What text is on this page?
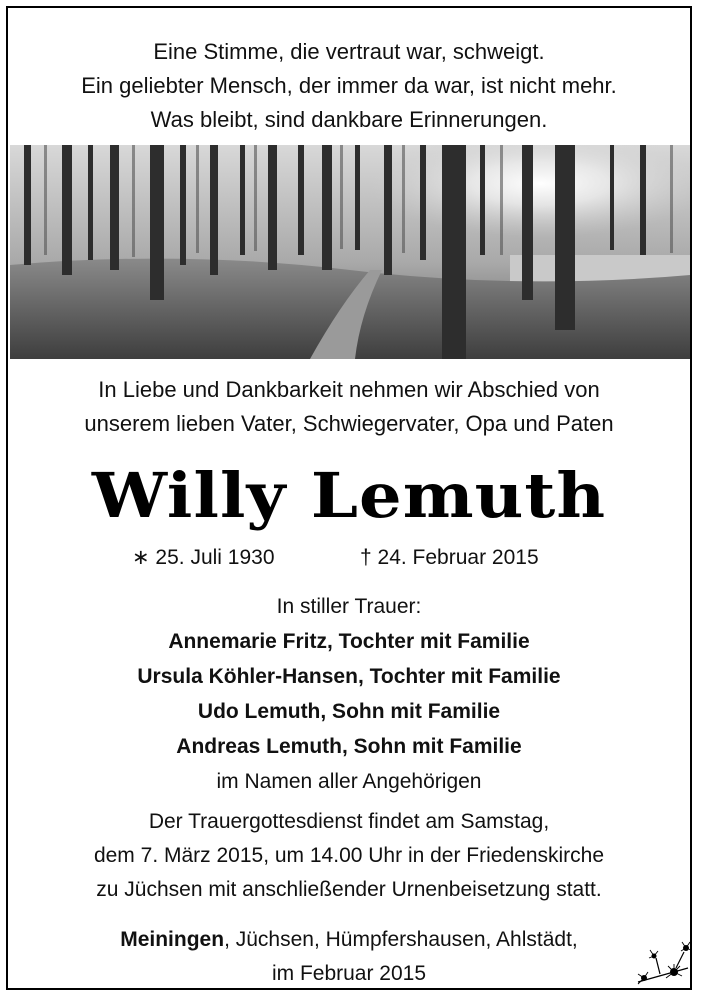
Eine Stimme, die vertraut war, schweigt.
Ein geliebter Mensch, der immer da war, ist nicht mehr.
Was bleibt, sind dankbare Erinnerungen.
In Liebe und Dankbarkeit nehmen wir Abschied von
unserem lieben Vater, Schwiegervater, Opa und Paten
Willy Lemuth
∗ 25. Juli 1930	† 24. Februar 2015
In stiller Trauer:
Annemarie Fritz, Tochter mit Familie
Ursula Köhler-Hansen, Tochter mit Familie
Udo Lemuth, Sohn mit Familie
Andreas Lemuth, Sohn mit Familie
im Namen aller Angehörigen
Der Trauergottesdienst findet am Samstag,
dem 7. März 2015, um 14.00 Uhr in der Friedenskirche
zu Jüchsen mit anschließender Urnenbeisetzung statt.
Meiningen, Jüchsen, Hümpfershausen, Ahlstädt,
im Februar 2015
